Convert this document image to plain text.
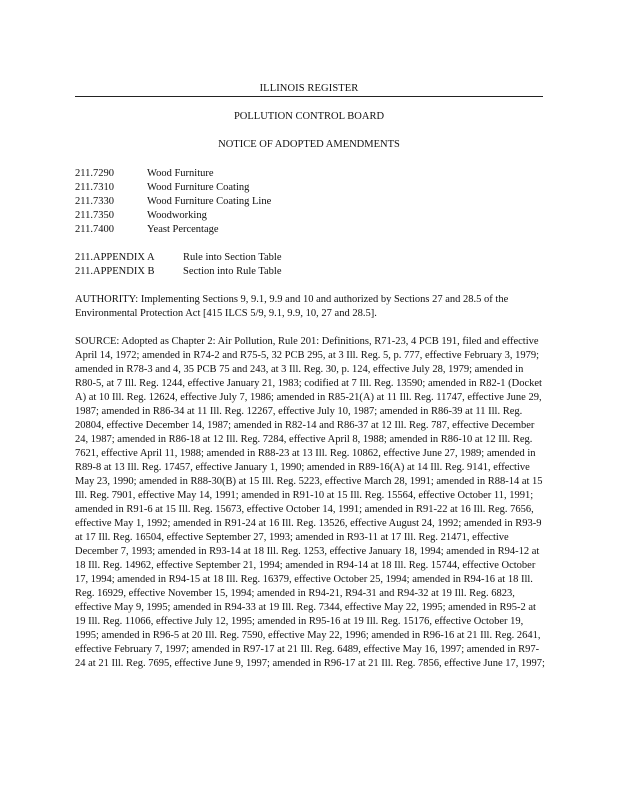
ILLINOIS REGISTER
POLLUTION CONTROL BOARD
NOTICE OF ADOPTED AMENDMENTS
211.7290	Wood Furniture
211.7310	Wood Furniture Coating
211.7330	Wood Furniture Coating Line
211.7350	Woodworking
211.7400	Yeast Percentage
211.APPENDIX A	Rule into Section Table
211.APPENDIX B	Section into Rule Table

AUTHORITY: Implementing Sections 9, 9.1, 9.9 and 10 and authorized by Sections 27 and 28.5 of the Environmental Protection Act [415 ILCS 5/9, 9.1, 9.9, 10, 27 and 28.5].

SOURCE: Adopted as Chapter 2: Air Pollution, Rule 201: Definitions, R71-23, 4 PCB 191, filed and effective April 14, 1972; amended in R74-2 and R75-5, 32 PCB 295, at 3 Ill. Reg. 5, p. 777, effective February 3, 1979; amended in R78-3 and 4, 35 PCB 75 and 243, at 3 Ill. Reg. 30, p. 124, effective July 28, 1979; amended in R80-5, at 7 Ill. Reg. 1244, effective January 21, 1983; codified at 7 Ill. Reg. 13590; amended in R82-1 (Docket A) at 10 Ill. Reg. 12624, effective July 7, 1986; amended in R85-21(A) at 11 Ill. Reg. 11747, effective June 29, 1987; amended in R86-34 at 11 Ill. Reg. 12267, effective July 10, 1987; amended in R86-39 at 11 Ill. Reg. 20804, effective December 14, 1987; amended in R82-14 and R86-37 at 12 Ill. Reg. 787, effective December 24, 1987; amended in R86-18 at 12 Ill. Reg. 7284, effective April 8, 1988; amended in R86-10 at 12 Ill. Reg. 7621, effective April 11, 1988; amended in R88-23 at 13 Ill. Reg. 10862, effective June 27, 1989; amended in R89-8 at 13 Ill. Reg. 17457, effective January 1, 1990; amended in R89-16(A) at 14 Ill. Reg. 9141, effective May 23, 1990; amended in R88-30(B) at 15 Ill. Reg. 5223, effective March 28, 1991; amended in R88-14 at 15 Ill. Reg. 7901, effective May 14, 1991; amended in R91-10 at 15 Ill. Reg. 15564, effective October 11, 1991; amended in R91-6 at 15 Ill. Reg. 15673, effective October 14, 1991; amended in R91-22 at 16 Ill. Reg. 7656, effective May 1, 1992; amended in R91-24 at 16 Ill. Reg. 13526, effective August 24, 1992; amended in R93-9 at 17 Ill. Reg. 16504, effective September 27, 1993; amended in R93-11 at 17 Ill. Reg. 21471, effective December 7, 1993; amended in R93-14 at 18 Ill. Reg. 1253, effective January 18, 1994; amended in R94-12 at 18 Ill. Reg. 14962, effective September 21, 1994; amended in R94-14 at 18 Ill. Reg. 15744, effective October 17, 1994; amended in R94-15 at 18 Ill. Reg. 16379, effective October 25, 1994; amended in R94-16 at 18 Ill. Reg. 16929, effective November 15, 1994; amended in R94-21, R94-31 and R94-32 at 19 Ill. Reg. 6823, effective May 9, 1995; amended in R94-33 at 19 Ill. Reg. 7344, effective May 22, 1995; amended in R95-2 at 19 Ill. Reg. 11066, effective July 12, 1995; amended in R95-16 at 19 Ill. Reg. 15176, effective October 19, 1995; amended in R96-5 at 20 Ill. Reg. 7590, effective May 22, 1996; amended in R96-16 at 21 Ill. Reg. 2641, effective February 7, 1997; amended in R97-17 at 21 Ill. Reg. 6489, effective May 16, 1997; amended in R97-24 at 21 Ill. Reg. 7695, effective June 9, 1997; amended in R96-17 at 21 Ill. Reg. 7856, effective June 17, 1997;
